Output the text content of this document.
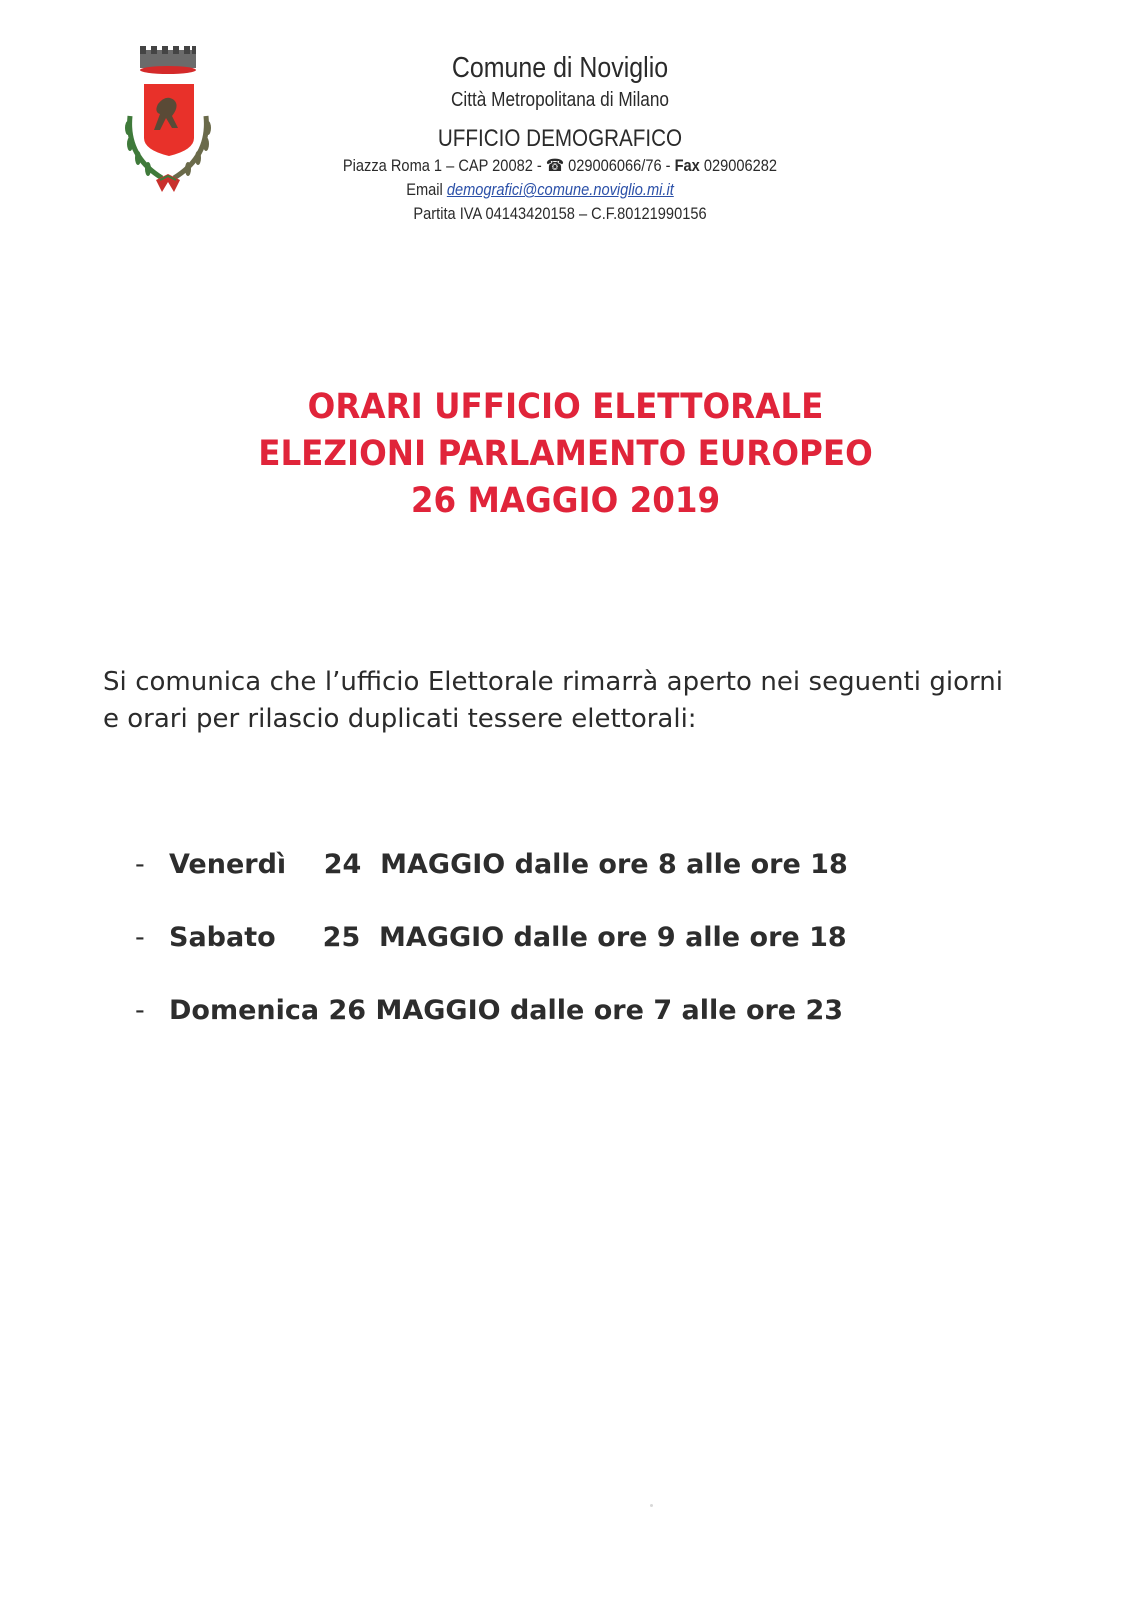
Comune di Noviglio
Città Metropolitana di Milano
UFFICIO DEMOGRAFICO
Piazza Roma 1 – CAP 20082 - ☎ 029006066/76 - Fax 029006282
Email demografici@comune.noviglio.mi.it
Partita IVA 04143420158 – C.F.80121990156
ORARI UFFICIO ELETTORALE
ELEZIONI PARLAMENTO EUROPEO
26 MAGGIO 2019
Si comunica che l’ufficio Elettorale rimarrà aperto nei seguenti giorni e orari per rilascio duplicati tessere elettorali:
- Venerdì    24  MAGGIO dalle ore 8 alle ore 18
- Sabato     25  MAGGIO dalle ore 9 alle ore 18
- Domenica 26 MAGGIO dalle ore 7 alle ore 23
